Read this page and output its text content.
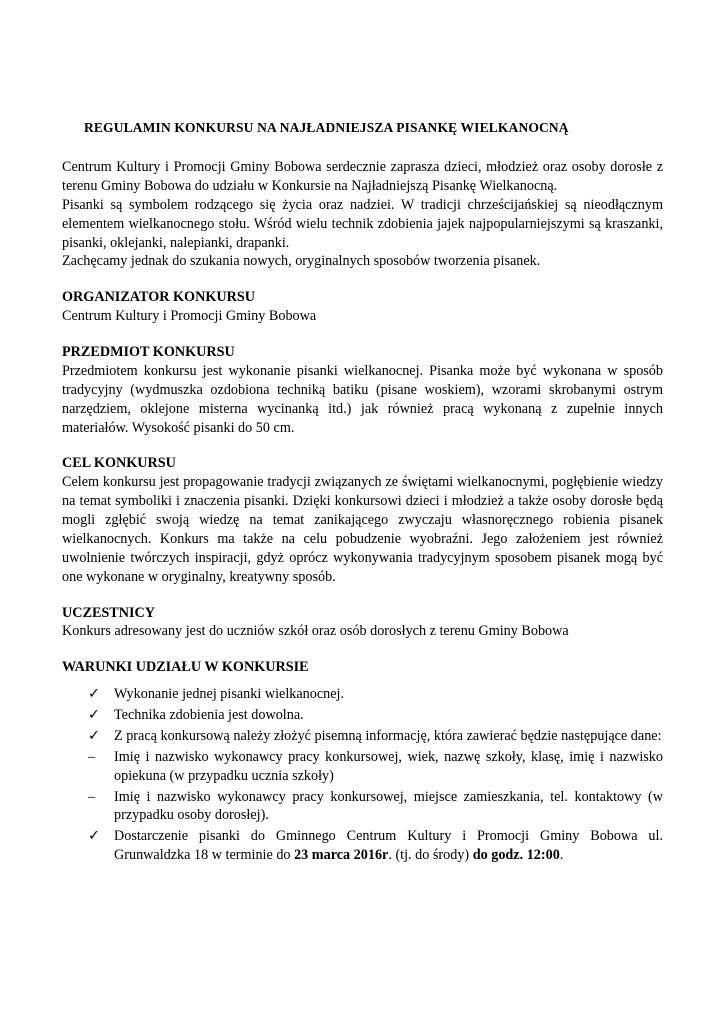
REGULAMIN KONKURSU NA NAJŁADNIEJSZA PISANKĘ WIELKANOCNĄ

Centrum Kultury i Promocji Gminy Bobowa serdecznie zaprasza dzieci, młodzież oraz osoby dorosłe z terenu Gminy Bobowa do udziału w Konkursie na Najładniejszą Pisankę Wielkanocną.

Pisanki są symbolem rodzącego się życia oraz nadziei. W tradicji chrześcijańskiej są nieodłącznym elementem wielkanocnego stołu. Wśród wielu technik zdobienia jajek najpopularniejszymi są kraszanki, pisanki, oklejanki, nalepianki, drapanki.

Zachęcamy jednak do szukania nowych, oryginalnych sposobów tworzenia pisanek.

ORGANIZATOR KONKURSU

Centrum Kultury i Promocji Gminy Bobowa

PRZEDMIOT KONKURSU

Przedmiotem konkursu jest wykonanie pisanki wielkanocnej. Pisanka może być wykonana w sposób tradycyjny (wydmuszka ozdobiona techniką batiku (pisane woskiem), wzorami skrobanymi ostrym narzędziem, oklejone misterna wycinanką itd.) jak również pracą wykonaną z zupełnie innych materiałów. Wysokość pisanki do 50 cm.

CEL KONKURSU

Celem konkursu jest propagowanie tradycji związanych ze świętami wielkanocnymi, pogłębienie wiedzy na temat symboliki i znaczenia pisanki. Dzięki konkursowi dzieci i młodzież a także osoby dorosłe będą mogli zgłębić swoją wiedzę na temat zanikającego zwyczaju własnoręcznego robienia pisanek wielkanocnych. Konkurs ma także na celu pobudzenie wyobraźni. Jego założeniem jest również uwolnienie twórczych inspiracji, gdyż oprócz wykonywania tradycyjnym sposobem pisanek mogą być one wykonane w oryginalny, kreatywny sposób.

UCZESTNICY

Konkurs adresowany jest do uczniów szkół oraz osób dorosłych z terenu Gminy Bobowa

WARUNKI UDZIAŁU W KONKURSIE
✓ Wykonanie jednej pisanki wielkanocnej.
✓ Technika zdobienia jest dowolna.
✓ Z pracą konkursową należy złożyć pisemną informację, która zawierać będzie następujące dane:
–	Imię i nazwisko wykonawcy pracy konkursowej, wiek, nazwę szkoły, klasę, imię i nazwisko opiekuna (w przypadku ucznia szkoły)
–	Imię i nazwisko wykonawcy pracy konkursowej, miejsce zamieszkania, tel. kontaktowy (w przypadku osoby dorosłej).
✓ Dostarczenie pisanki do Gminnego Centrum Kultury i Promocji Gminy Bobowa ul. Grunwaldzka 18 w terminie do 23 marca 2016r. (tj. do środy) do godz. 12:00.
